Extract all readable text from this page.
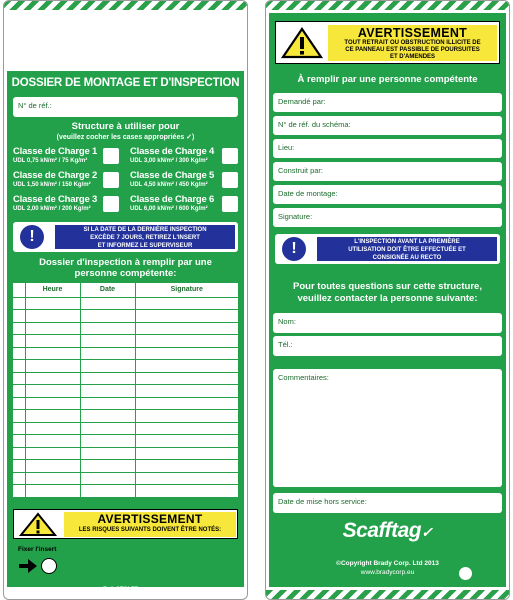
DOSSIER DE MONTAGE ET D'INSPECTION
N° de réf.:
Structure à utiliser pour
(veuillez cocher les cases appropriées ✓)
Classe de Charge 1
UDL 0,75 kN/m² / 75 Kg/m²
Classe de Charge 4
UDL 3,00 kN/m² / 300 Kg/m²
Classe de Charge 2
UDL 1,50 kN/m² / 150 Kg/m²
Classe de Charge 5
UDL 4,50 kN/m² / 450 Kg/m²
Classe de Charge 3
UDL 2,00 kN/m² / 200 Kg/m²
Classe de Charge 6
UDL 6,00 kN/m² / 600 Kg/m²
!	SI LA DATE DE LA DERNIÈRE INSPECTION
EXCÈDE 7 JOURS, RETIREZ L'INSERT
ET INFORMEZ LE SUPERVISEUR
Dossier d'inspection à remplir par une
personne compétente:
	Heure	Date	Signature

AVERTISSEMENT
LES RISQUES SUIVANTS DOIVENT ÊTRE NOTÉS:
Fixer l'insert
Ref. STSI FR
AVERTISSEMENT
TOUT RETRAIT OU OBSTRUCTION ILLICITE DE
CE PANNEAU EST PASSIBLE DE POURSUITES
ET D'AMENDES
À remplir par une personne compétente
Demandé par:
N° de réf. du schéma:
Lieu:
Construit par:
Date de montage:
Signature:
!	L'INSPECTION AVANT LA PREMIÈRE
UTILISATION DOIT ÊTRE EFFECTUÉE ET
CONSIGNÉE AU RECTO
Pour toutes questions sur cette structure,
veuillez contacter la personne suivante:
Nom:
Tél.:
Commentaires:
Date de mise hors service:
Scafftag✓
©Copyright Brady Corp. Ltd 2013
www.bradycorp.eu
